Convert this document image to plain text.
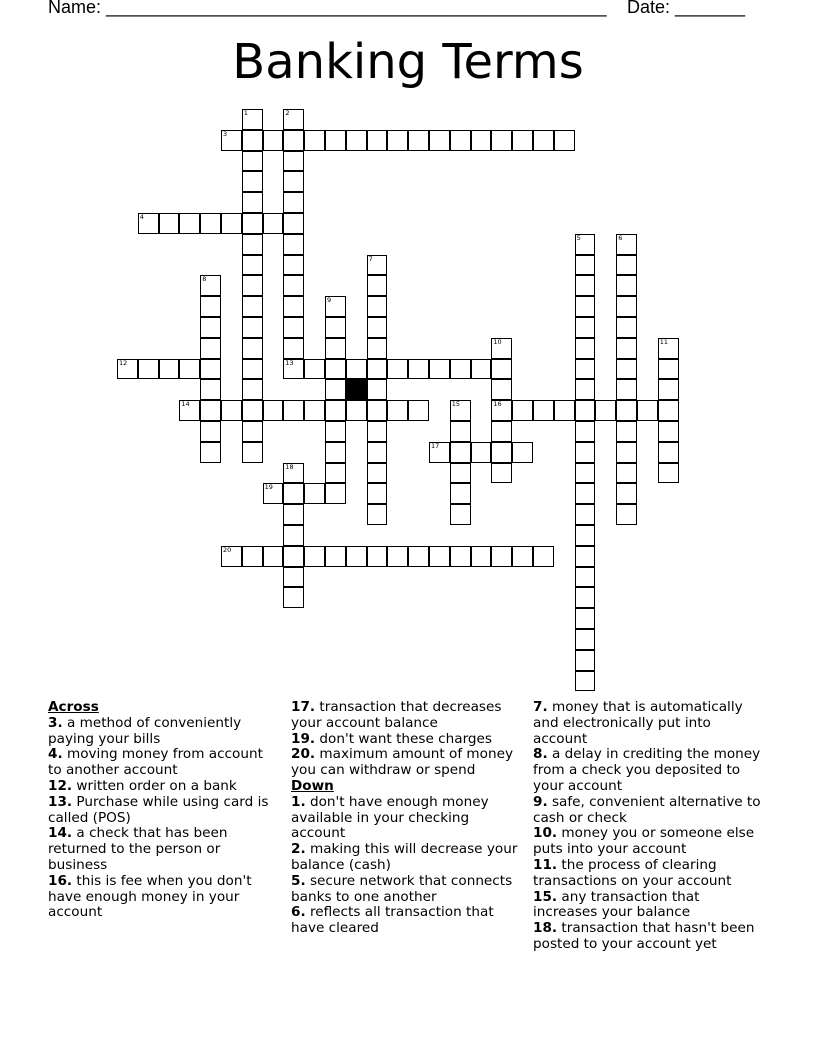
Name: __________________________________________________ Date: _______
Banking Terms
3
4
12	13
14	16
17
19
20
1	2
5	6
7
8
9
10	11
15
18
Across
3. a method of conveniently paying your bills
4. moving money from account to another account
12. written order on a bank
13. Purchase while using card is called (POS)
14. a check that has been returned to the person or business
16. this is fee when you don't have enough money in your account
17. transaction that decreases your account balance
19. don't want these charges
20. maximum amount of money you can withdraw or spend
Down
1. don't have enough money available in your checking account
2. making this will decrease your balance (cash)
5. secure network that connects banks to one another
6. reflects all transaction that have cleared
7. money that is automatically and electronically put into account
8. a delay in crediting the money from a check you deposited to your account
9. safe, convenient alternative to cash or check
10. money you or someone else puts into your account
11. the process of clearing transactions on your account
15. any transaction that increases your balance
18. transaction that hasn't been posted to your account yet
